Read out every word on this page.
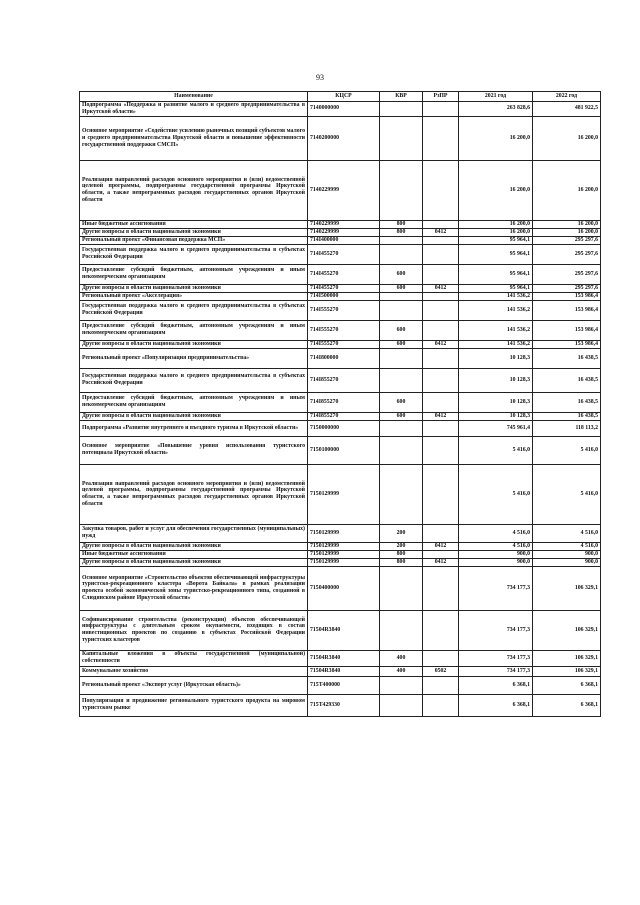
93
Наименование	КЦСР	КВР	РзПР	2021 год	2022 год
Подпрограмма «Поддержка и развитие малого и среднего предпринимательства в Иркутской области»	7140000000			263 828,6	481 922,5
Основное мероприятие «Содействие усилению рыночных позиций субъектов малого и среднего предпринимательства Иркутской области и повышение эффективности государственной поддержки СМСП»	7140200000			16 200,0	16 200,0
Реализация направлений расходов основного мероприятия и (или) ведомственной целевой программы, подпрограммы государственной программы Иркутской области, а также непрограммных расходов государственных органов Иркутской области	7140229999			16 200,0	16 200,0
Иные бюджетные ассигнования	7140229999	800		16 200,0	16 200,0
Другие вопросы в области национальной экономики	7140229999	800	0412	16 200,0	16 200,0
Региональный проект «Финансовая поддержка МСП»	714I400000			95 964,1	295 297,6
Государственная поддержка малого и среднего предпринимательства в субъектах Российской Федерации	714I455270			95 964,1	295 297,6
Предоставление субсидий бюджетным, автономным учреждениям и иным некоммерческим организациям	714I455270	600		95 964,1	295 297,6
Другие вопросы в области национальной экономики	714I455270	600	0412	95 964,1	295 297,6
Региональный проект «Акселерация»	714I500000			141 536,2	153 986,4
Государственная поддержка малого и среднего предпринимательства в субъектах Российской Федерации	714I555270			141 536,2	153 986,4
Предоставление субсидий бюджетным, автономным учреждениям и иным некоммерческим организациям	714I555270	600		141 536,2	153 986,4
Другие вопросы в области национальной экономики	714I555270	600	0412	141 536,2	153 986,4
Региональный проект «Популяризация предпринимательства»	714I800000			10 128,3	16 438,5
Государственная поддержка малого и среднего предпринимательства в субъектах Российской Федерации	714I855270			10 128,3	16 438,5
Предоставление субсидий бюджетным, автономным учреждениям и иным некоммерческим организациям	714I855270	600		10 128,3	16 438,5
Другие вопросы в области национальной экономики	714I855270	600	0412	10 128,3	16 438,5
Подпрограмма «Развитие внутреннего и въездного туризма в Иркутской области»	7150000000			745 961,4	118 113,2
Основное мероприятие «Повышение уровня использования туристского потенциала Иркутской области»	7150100000			5 416,0	5 416,0
Реализация направлений расходов основного мероприятия и (или) ведомственной целевой программы, подпрограммы государственной программы Иркутской области, а также непрограммных расходов государственных органов Иркутской области	7150129999			5 416,0	5 416,0
Закупка товаров, работ и услуг для обеспечения государственных (муниципальных) нужд	7150129999	200		4 516,0	4 516,0
Другие вопросы в области национальной экономики	7150129999	200	0412	4 516,0	4 516,0
Иные бюджетные ассигнования	7150129999	800		900,0	900,0
Другие вопросы в области национальной экономики	7150129999	800	0412	900,0	900,0
Основное мероприятие «Строительство объектов обеспечивающей инфраструктуры туристско-рекреационного кластера «Ворота Байкала» в рамках реализации проекта особой экономической зоны туристско-рекреационного типа, созданной в Слюдянском районе Иркутской области»	7150400000			734 177,3	106 329,1
Софинансирование строительства (реконструкции) объектов обеспечивающей инфраструктуры с длительным сроком окупаемости, входящих в состав инвестиционных проектов по созданию в субъектах Российской Федерации туристских кластеров	71504R3840			734 177,3	106 329,1
Капитальные вложения в объекты государственной (муниципальной) собственности	71504R3840	400		734 177,3	106 329,1
Коммунальное хозяйство	71504R3840	400	0502	734 177,3	106 329,1
Региональный проект «Экспорт услуг (Иркутская область)»	715T400000			6 368,1	6 368,1
Популяризация и продвижение регионального туристского продукта на мировом туристском рынке	715T429330			6 368,1	6 368,1
